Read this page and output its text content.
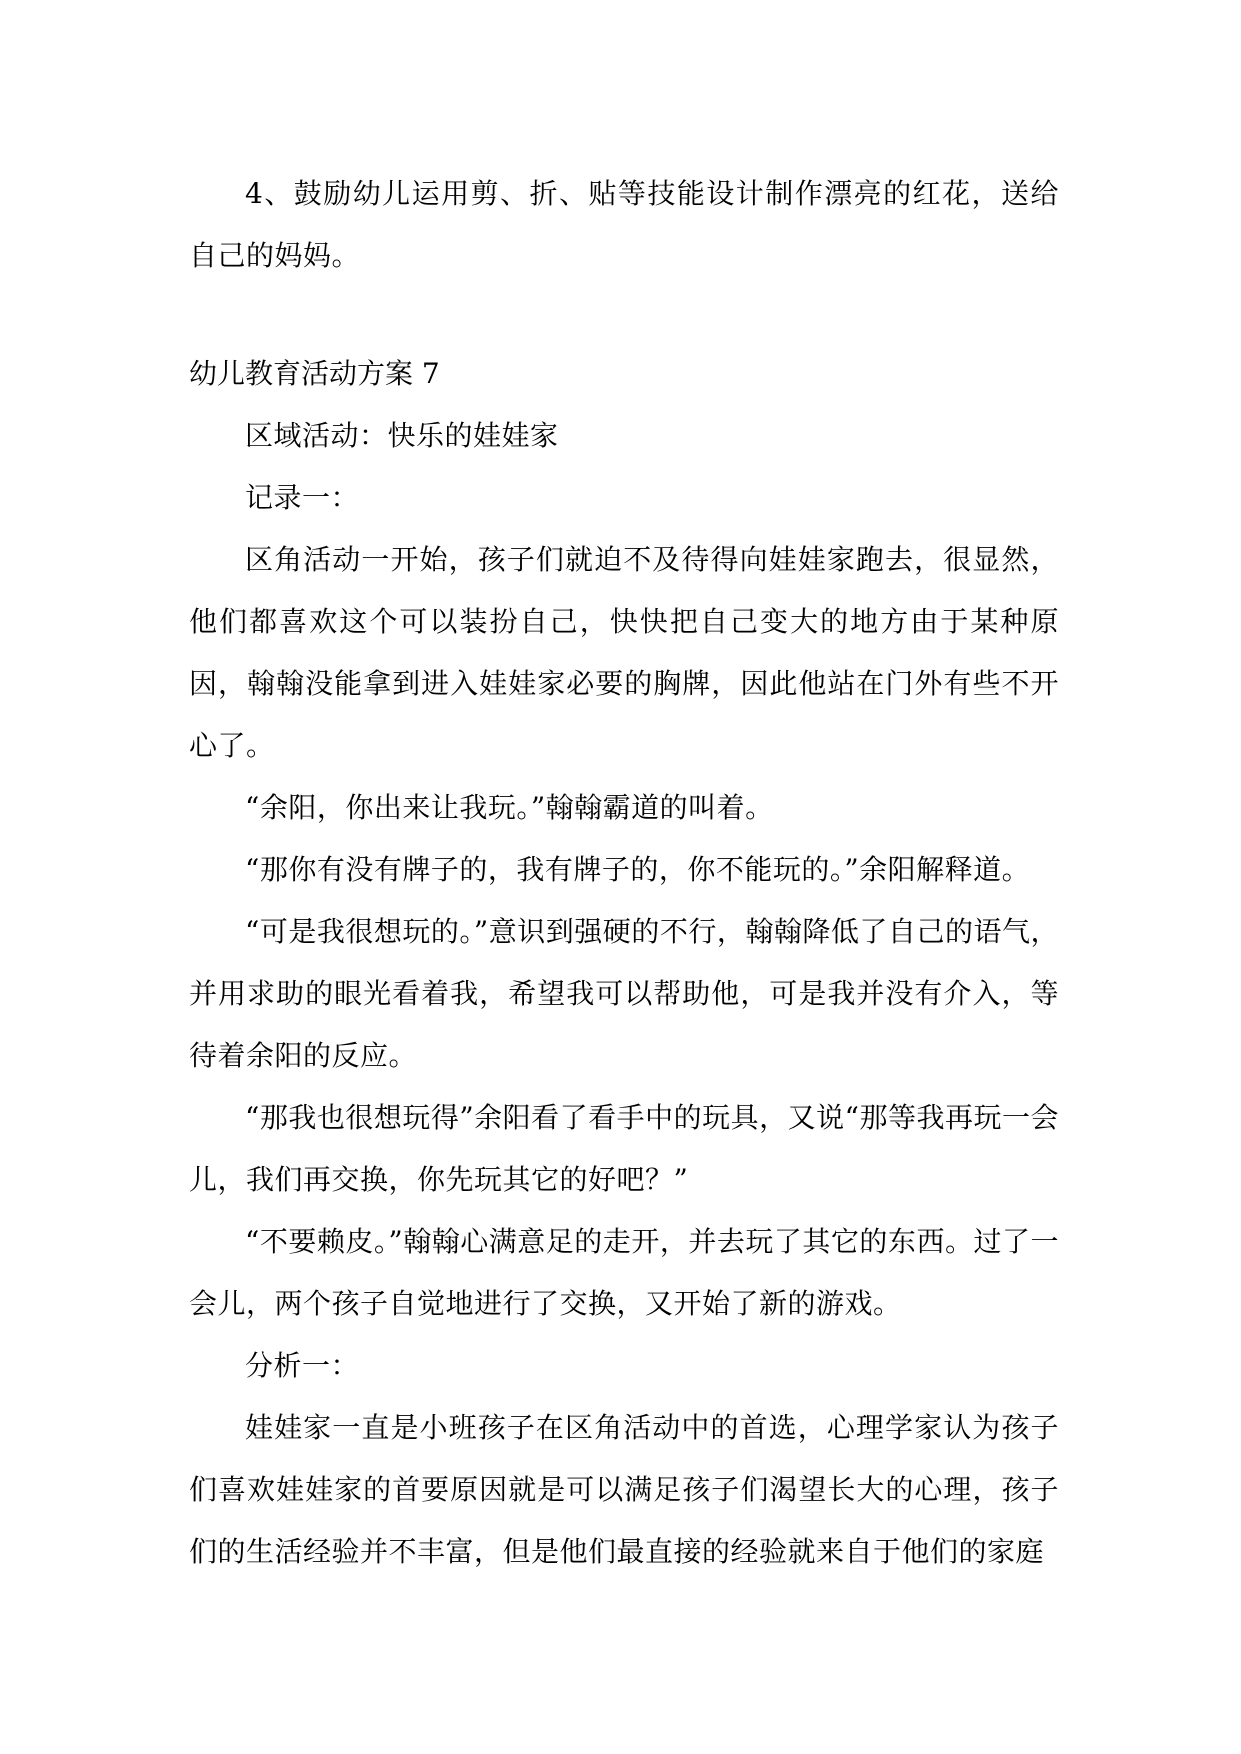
4、鼓励幼儿运用剪、折、贴等技能设计制作漂亮的红花，送给自己的妈妈。

幼儿教育活动方案 7

区域活动：快乐的娃娃家

记录一：

区角活动一开始，孩子们就迫不及待得向娃娃家跑去，很显然，他们都喜欢这个可以装扮自己，快快把自己变大的地方由于某种原因，翰翰没能拿到进入娃娃家必要的胸牌，因此他站在门外有些不开心了。

“余阳，你出来让我玩。”翰翰霸道的叫着。

“那你有没有牌子的，我有牌子的，你不能玩的。”余阳解释道。

“可是我很想玩的。”意识到强硬的不行，翰翰降低了自己的语气，并用求助的眼光看着我，希望我可以帮助他，可是我并没有介入，等待着余阳的反应。

“那我也很想玩得”余阳看了看手中的玩具，又说“那等我再玩一会儿，我们再交换，你先玩其它的好吧？”

“不要赖皮。”翰翰心满意足的走开，并去玩了其它的东西。过了一会儿，两个孩子自觉地进行了交换，又开始了新的游戏。

分析一：

娃娃家一直是小班孩子在区角活动中的首选，心理学家认为孩子们喜欢娃娃家的首要原因就是可以满足孩子们渴望长大的心理，孩子们的生活经验并不丰富，但是他们最直接的经验就来自于他们的家庭
